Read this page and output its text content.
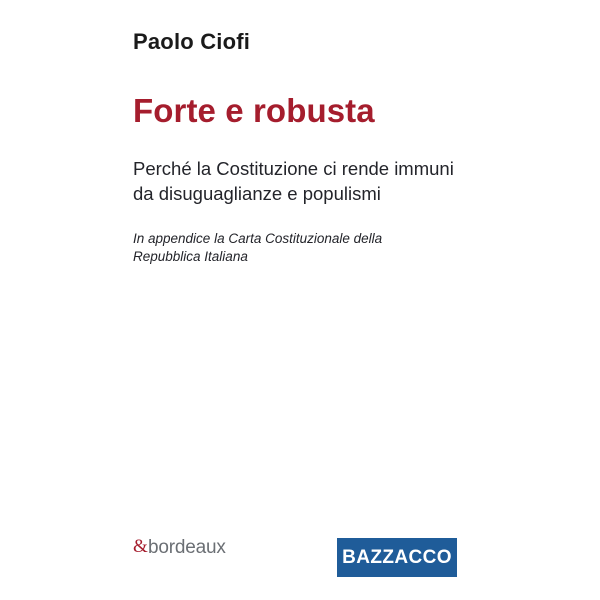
Paolo Ciofi
Forte e robusta

Perché la Costituzione ci rende immuni da disuguaglianze e populismi

In appendice la Carta Costituzionale della Repubblica Italiana

& bordeaux	BAZZACCO
